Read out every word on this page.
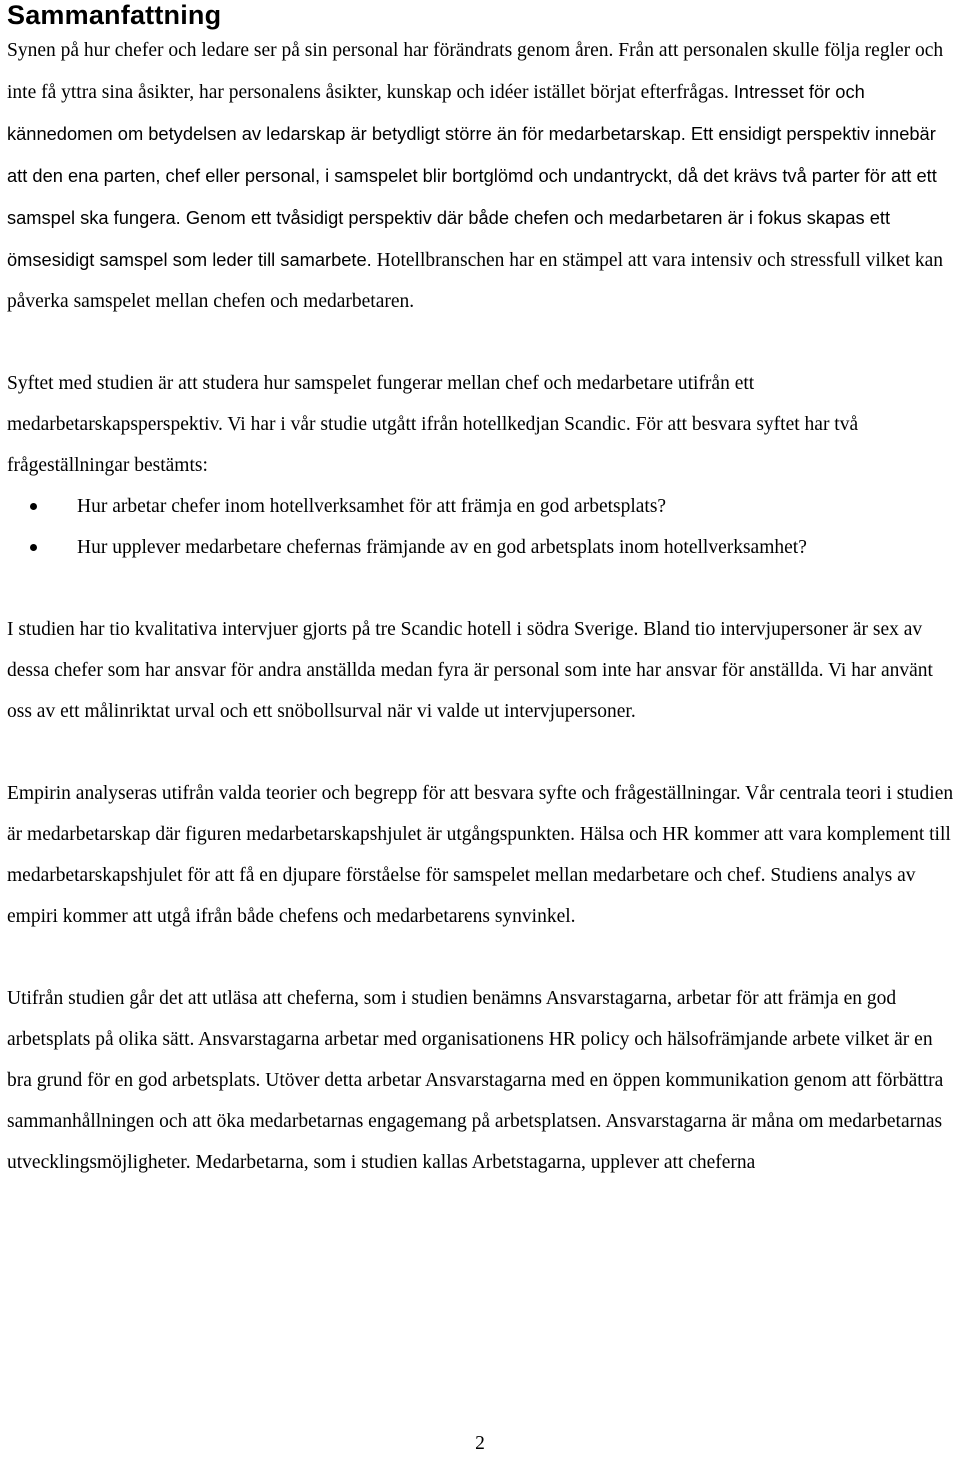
Sammanfattning

Synen på hur chefer och ledare ser på sin personal har förändrats genom åren. Från att personalen skulle följa regler och inte få yttra sina åsikter, har personalens åsikter, kunskap och idéer istället börjat efterfrågas. Intresset för och kännedomen om betydelsen av ledarskap är betydligt större än för medarbetarskap. Ett ensidigt perspektiv innebär att den ena parten, chef eller personal, i samspelet blir bortglömd och undantryckt, då det krävs två parter för att ett samspel ska fungera. Genom ett tvåsidigt perspektiv där både chefen och medarbetaren är i fokus skapas ett ömsesidigt samspel som leder till samarbete. Hotellbranschen har en stämpel att vara intensiv och stressfull vilket kan påverka samspelet mellan chefen och medarbetaren.

Syftet med studien är att studera hur samspelet fungerar mellan chef och medarbetare utifrån ett medarbetarskapsperspektiv. Vi har i vår studie utgått ifrån hotellkedjan Scandic. För att besvara syftet har två frågeställningar bestämts:

Hur arbetar chefer inom hotellverksamhet för att främja en god arbetsplats?
Hur upplever medarbetare chefernas främjande av en god arbetsplats inom hotellverksamhet?

I studien har tio kvalitativa intervjuer gjorts på tre Scandic hotell i södra Sverige. Bland tio intervjupersoner är sex av dessa chefer som har ansvar för andra anställda medan fyra är personal som inte har ansvar för anställda. Vi har använt oss av ett målinriktat urval och ett snöbollsurval när vi valde ut intervjupersoner.

Empirin analyseras utifrån valda teorier och begrepp för att besvara syfte och frågeställningar. Vår centrala teori i studien är medarbetarskap där figuren medarbetarskapshjulet är utgångspunkten. Hälsa och HR kommer att vara komplement till medarbetarskapshjulet för att få en djupare förståelse för samspelet mellan medarbetare och chef. Studiens analys av empiri kommer att utgå ifrån både chefens och medarbetarens synvinkel.

Utifrån studien går det att utläsa att cheferna, som i studien benämns Ansvarstagarna, arbetar för att främja en god arbetsplats på olika sätt. Ansvarstagarna arbetar med organisationens HR policy och hälsofrämjande arbete vilket är en bra grund för en god arbetsplats. Utöver detta arbetar Ansvarstagarna med en öppen kommunikation genom att förbättra sammanhållningen och att öka medarbetarnas engagemang på arbetsplatsen. Ansvarstagarna är måna om medarbetarnas utvecklingsmöjligheter. Medarbetarna, som i studien kallas Arbetstagarna, upplever att cheferna

2
